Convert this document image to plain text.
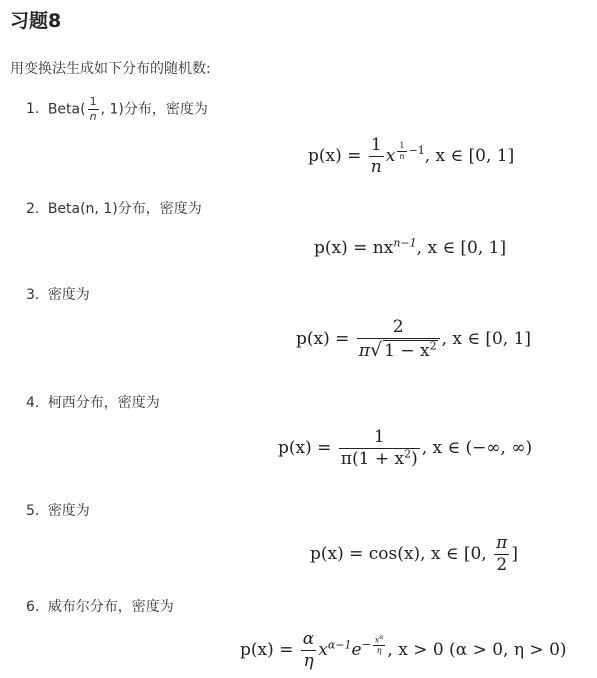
习题8
用变换法生成如下分布的随机数:
1. Beta( $\frac{1}{n}$ , 1)分布，密度为
$p(x) = \frac{1}{n}$ x $^{\frac{1}{n} -1}$, x ∈ [0, 1]
2. Beta(n, 1)分布，密度为
$p(x) = nx^{n-1}$, x ∈ [0, 1]
3. 密度为
$p(x) = \frac{2}{\pi√ 1 - x^2}$ , x ∈ [0, 1]
4. 柯西分布，密度为
$p(x) = \frac{1}{\pi(1 + x^2)}$ , x ∈ (−∞, ∞)
5. 密度为
p(x) = cos(x), x ∈ [0, $\frac{\pi}{2}$ ]
6. 威布尔分布，密度为
$p(x) = \frac{\alpha}{\eta} x^{\alpha-1}e^{- \frac{x^\alpha}{\eta}}$ , x > 0 (α > 0, η > 0)
